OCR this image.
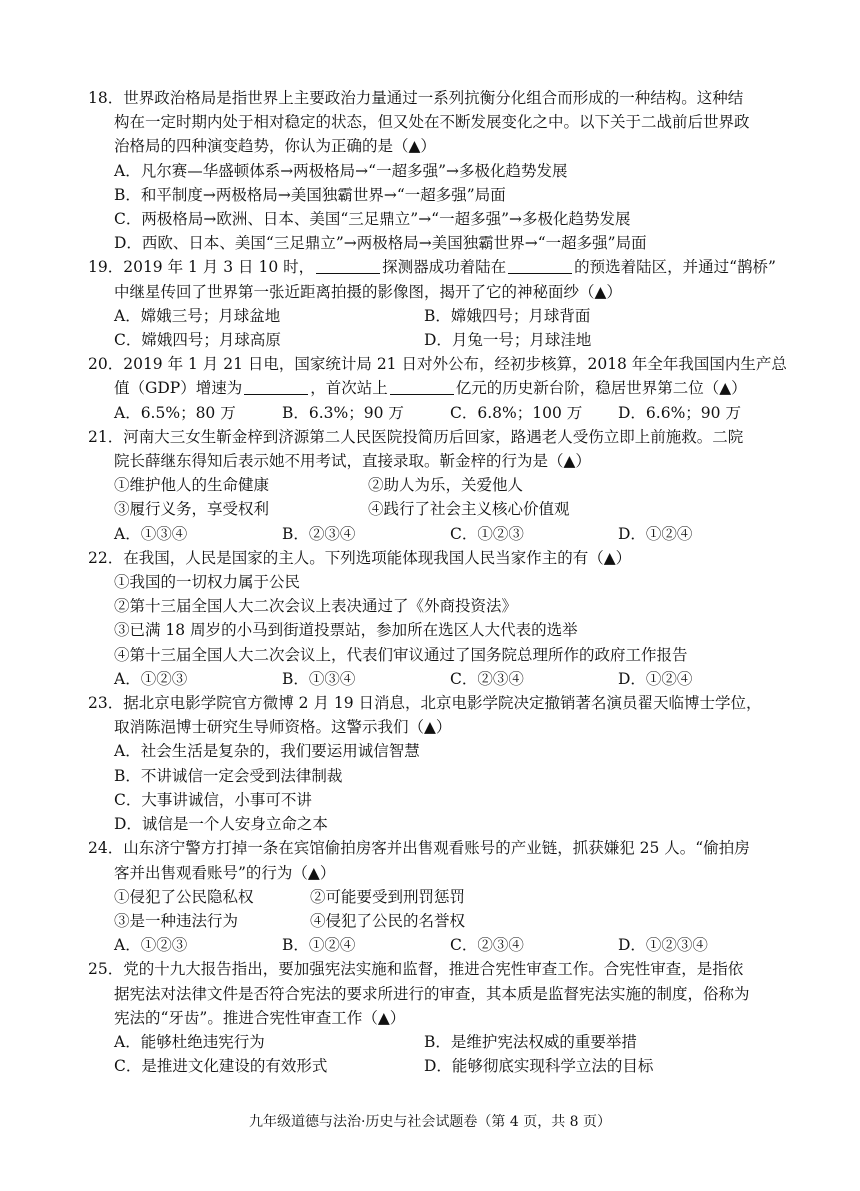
18．世界政治格局是指世界上主要政治力量通过一系列抗衡分化组合而形成的一种结构。这种结
构在一定时期内处于相对稳定的状态，但又处在不断发展变化之中。以下关于二战前后世界政
治格局的四种演变趋势，你认为正确的是（▲）
A．凡尔赛—华盛顿体系→两极格局→“一超多强”→多极化趋势发展
B．和平制度→两极格局→美国独霸世界→“一超多强”局面
C．两极格局→欧洲、日本、美国“三足鼎立”→“一超多强”→多极化趋势发展
D．西欧、日本、美国“三足鼎立”→两极格局→美国独霸世界→“一超多强”局面
19．2019 年 1 月 3 日 10 时，	探测器成功着陆在	的预选着陆区，并通过“鹊桥”
中继星传回了世界第一张近距离拍摄的影像图，揭开了它的神秘面纱（▲）
A．嫦娥三号；月球盆地	B．嫦娥四号；月球背面
C．嫦娥四号；月球高原	D．月兔一号；月球洼地
20．2019 年 1 月 21 日电，国家统计局 21 日对外公布，经初步核算，2018 年全年我国国内生产总
值（GDP）增速为	，首次站上	亿元的历史新台阶，稳居世界第二位（▲）
A．6.5%；80 万	B．6.3%；90 万	C．6.8%；100 万	D．6.6%；90 万
21．河南大三女生靳金梓到济源第二人民医院投简历后回家，路遇老人受伤立即上前施救。二院
院长薛继东得知后表示她不用考试，直接录取。靳金梓的行为是（▲）
①维护他人的生命健康	②助人为乐，关爱他人
③履行义务，享受权利	④践行了社会主义核心价值观
A．①③④	B．②③④	C．①②③	D．①②④
22．在我国，人民是国家的主人。下列选项能体现我国人民当家作主的有（▲）
①我国的一切权力属于公民
②第十三届全国人大二次会议上表决通过了《外商投资法》
③已满 18 周岁的小马到街道投票站，参加所在选区人大代表的选举
④第十三届全国人大二次会议上，代表们审议通过了国务院总理所作的政府工作报告
A．①②③	B．①③④	C．②③④	D．①②④
23．据北京电影学院官方微博 2 月 19 日消息，北京电影学院决定撤销著名演员翟天临博士学位，
取消陈浥博士研究生导师资格。这警示我们（▲）
A．社会生活是复杂的，我们要运用诚信智慧
B．不讲诚信一定会受到法律制裁
C．大事讲诚信，小事可不讲
D．诚信是一个人安身立命之本
24．山东济宁警方打掉一条在宾馆偷拍房客并出售观看账号的产业链，抓获嫌犯 25 人。“偷拍房
客并出售观看账号”的行为（▲）
①侵犯了公民隐私权	②可能要受到刑罚惩罚
③是一种违法行为	④侵犯了公民的名誉权
A．①②③	B．①②④	C．②③④	D．①②③④
25．党的十九大报告指出，要加强宪法实施和监督，推进合宪性审查工作。合宪性审查，是指依
据宪法对法律文件是否符合宪法的要求所进行的审查，其本质是监督宪法实施的制度，俗称为
宪法的“牙齿”。推进合宪性审查工作（▲）
A．能够杜绝违宪行为	B．是维护宪法权威的重要举措
C．是推进文化建设的有效形式	D．能够彻底实现科学立法的目标
九年级道德与法治·历史与社会试题卷（第 4 页，共 8 页）
